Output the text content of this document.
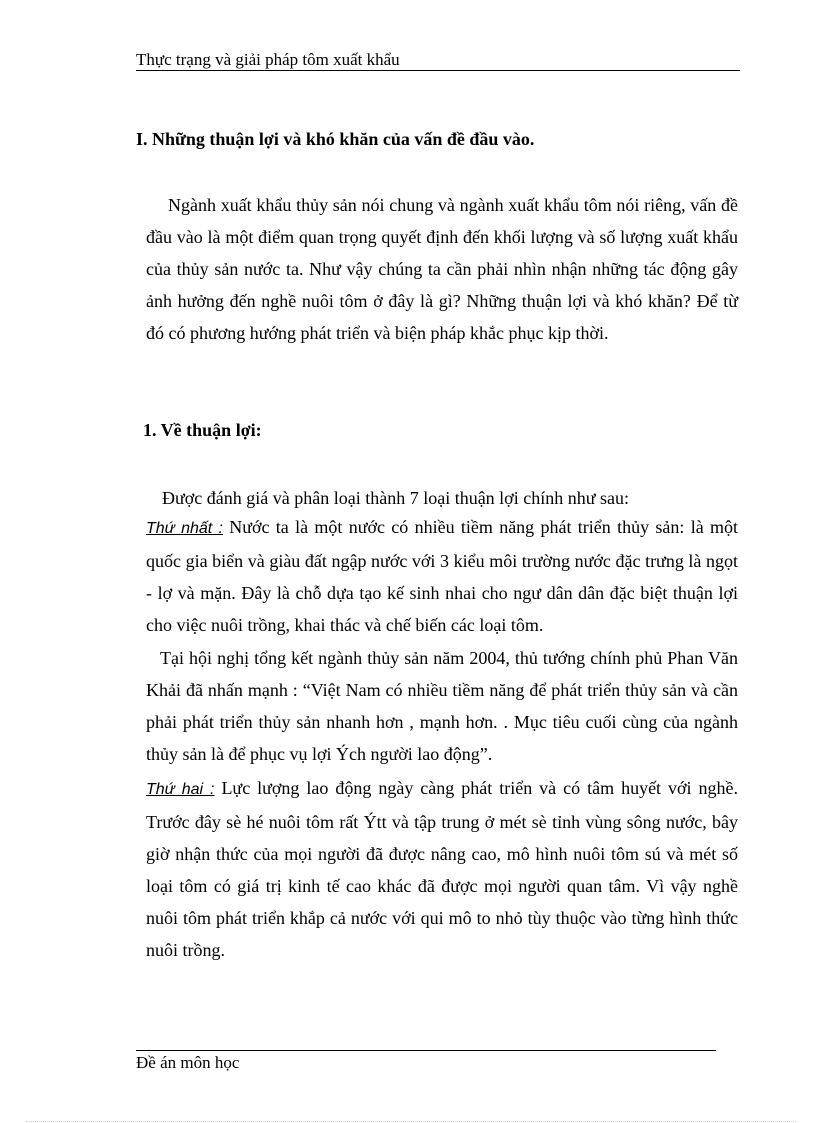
Thực trạng và giải pháp tôm xuất khẩu
I. Những thuận lợi và khó khăn của vấn đề đầu vào.
Ngành xuất khẩu thủy sản nói chung và ngành xuất khẩu tôm nói riêng, vấn đề đầu vào là một điểm quan trọng quyết định đến khối lượng và số lượng xuất khẩu của thủy sản nước ta. Như vậy chúng ta cần phải nhìn nhận những tác động gây ảnh hưởng đến nghề nuôi tôm ở đây là gì? Những thuận lợi và khó khăn? Để từ đó có phương hướng phát triển và biện pháp khắc phục kịp thời.
1. Về thuận lợi:
Được đánh giá và phân loại thành 7 loại thuận lợi chính như sau:
Thứ nhất : Nước ta là một nước có nhiều tiềm năng phát triển thủy sản: là một quốc gia biển và giàu đất ngập nước với 3 kiểu môi trường nước đặc trưng là ngọt - lợ và mặn. Đây là chỗ dựa tạo kế sinh nhai cho ngư dân dân đặc biệt thuận lợi cho việc nuôi trồng, khai thác và chế biến các loại tôm.
Tại hội nghị tổng kết ngành thủy sản năm 2004, thủ tướng chính phủ Phan Văn Khải đã nhấn mạnh : “Việt Nam có nhiều tiềm năng để phát triển thủy sản và cần phải phát triển thủy sản nhanh hơn , mạnh hơn. . Mục tiêu cuối cùng của ngành thủy sản là để phục vụ lợi Ých người lao động”.
Thứ hai : Lực lượng lao động ngày càng phát triển và có tâm huyết với nghề. Trước đây sè hé nuôi tôm rất Ýtt và tập trung ở mét sè tỉnh vùng sông nước, bây giờ nhận thức của mọi người đã được nâng cao, mô hình nuôi tôm sú và mét số loại tôm có giá trị kinh tế cao khác đã được mọi người quan tâm. Vì vậy nghề nuôi tôm phát triển khắp cả nước với qui mô to nhỏ tùy thuộc vào từng hình thức nuôi trồng.
Đề án môn học
